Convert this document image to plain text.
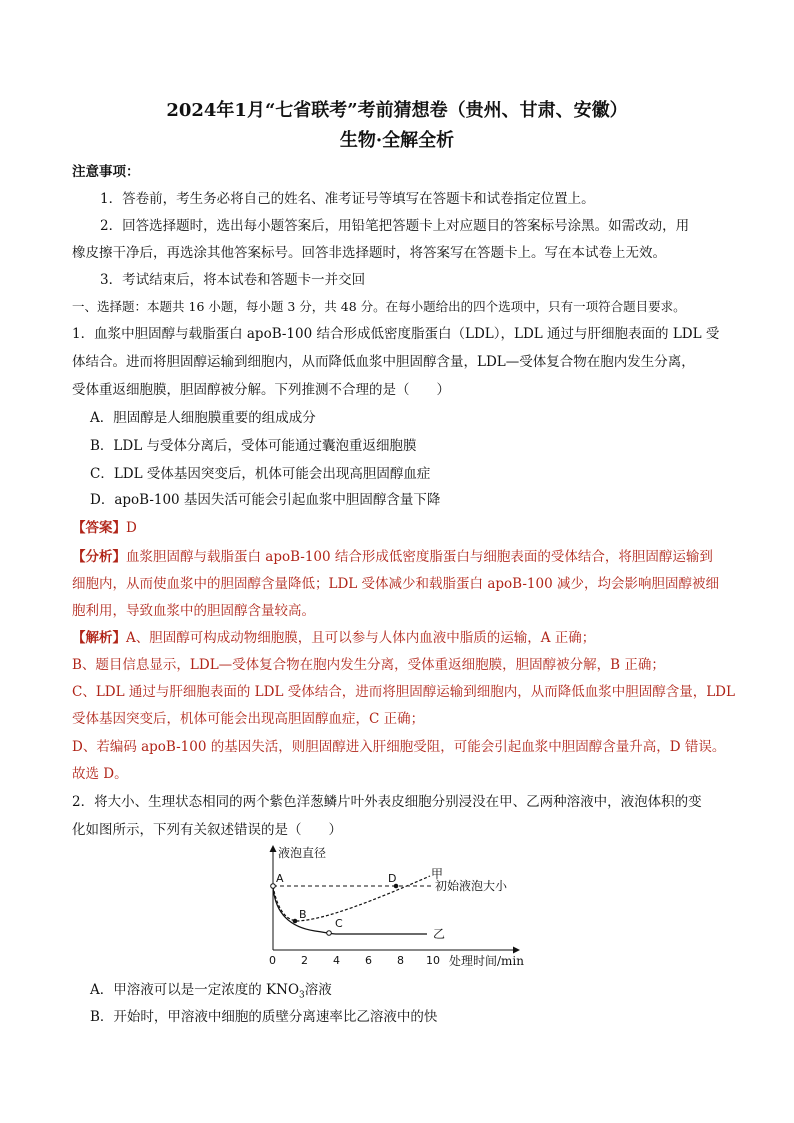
2024年1月“七省联考”考前猜想卷（贵州、甘肃、安徽）
生物·全解全析
注意事项：
1．答卷前，考生务必将自己的姓名、准考证号等填写在答题卡和试卷指定位置上。
2．回答选择题时，选出每小题答案后，用铅笔把答题卡上对应题目的答案标号涂黑。如需改动，用
橡皮擦干净后，再选涂其他答案标号。回答非选择题时，将答案写在答题卡上。写在本试卷上无效。
3．考试结束后，将本试卷和答题卡一并交回
一、选择题：本题共 16 小题，每小题 3 分，共 48 分。在每小题给出的四个选项中，只有一项符合题目要求。
1．血浆中胆固醇与载脂蛋白 apoB-100 结合形成低密度脂蛋白（LDL），LDL 通过与肝细胞表面的 LDL 受
体结合。进而将胆固醇运输到细胞内，从而降低血浆中胆固醇含量，LDL—受体复合物在胞内发生分离，
受体重返细胞膜，胆固醇被分解。下列推测不合理的是（　　）
A．胆固醇是人细胞膜重要的组成成分
B．LDL 与受体分离后，受体可能通过囊泡重返细胞膜
C．LDL 受体基因突变后，机体可能会出现高胆固醇血症
D．apoB-100 基因失活可能会引起血浆中胆固醇含量下降
【答案】D
【分析】血浆胆固醇与载脂蛋白 apoB-100 结合形成低密度脂蛋白与细胞表面的受体结合，将胆固醇运输到
细胞内，从而使血浆中的胆固醇含量降低；LDL 受体减少和载脂蛋白 apoB-100 减少，均会影响胆固醇被细
胞利用，导致血浆中的胆固醇含量较高。
【解析】A、胆固醇可构成动物细胞膜，且可以参与人体内血液中脂质的运输，A 正确；
B、题目信息显示，LDL—受体复合物在胞内发生分离，受体重返细胞膜，胆固醇被分解，B 正确；
C、LDL 通过与肝细胞表面的 LDL 受体结合，进而将胆固醇运输到细胞内，从而降低血浆中胆固醇含量，LDL
受体基因突变后，机体可能会出现高胆固醇血症，C 正确；
D、若编码 apoB-100 的基因失活，则胆固醇进入肝细胞受阻，可能会引起血浆中胆固醇含量升高，D 错误。
故选 D。
2．将大小、生理状态相同的两个紫色洋葱鳞片叶外表皮细胞分别浸没在甲、乙两种溶液中，液泡体积的变
化如图所示，下列有关叙述错误的是（　　）
液泡直径
初始液泡大小
乙
甲
A
B
C
D
0 2 4 6 8 10 处理时间/min
A．甲溶液可以是一定浓度的 $KNO_3$溶液
B．开始时，甲溶液中细胞的质壁分离速率比乙溶液中的快
